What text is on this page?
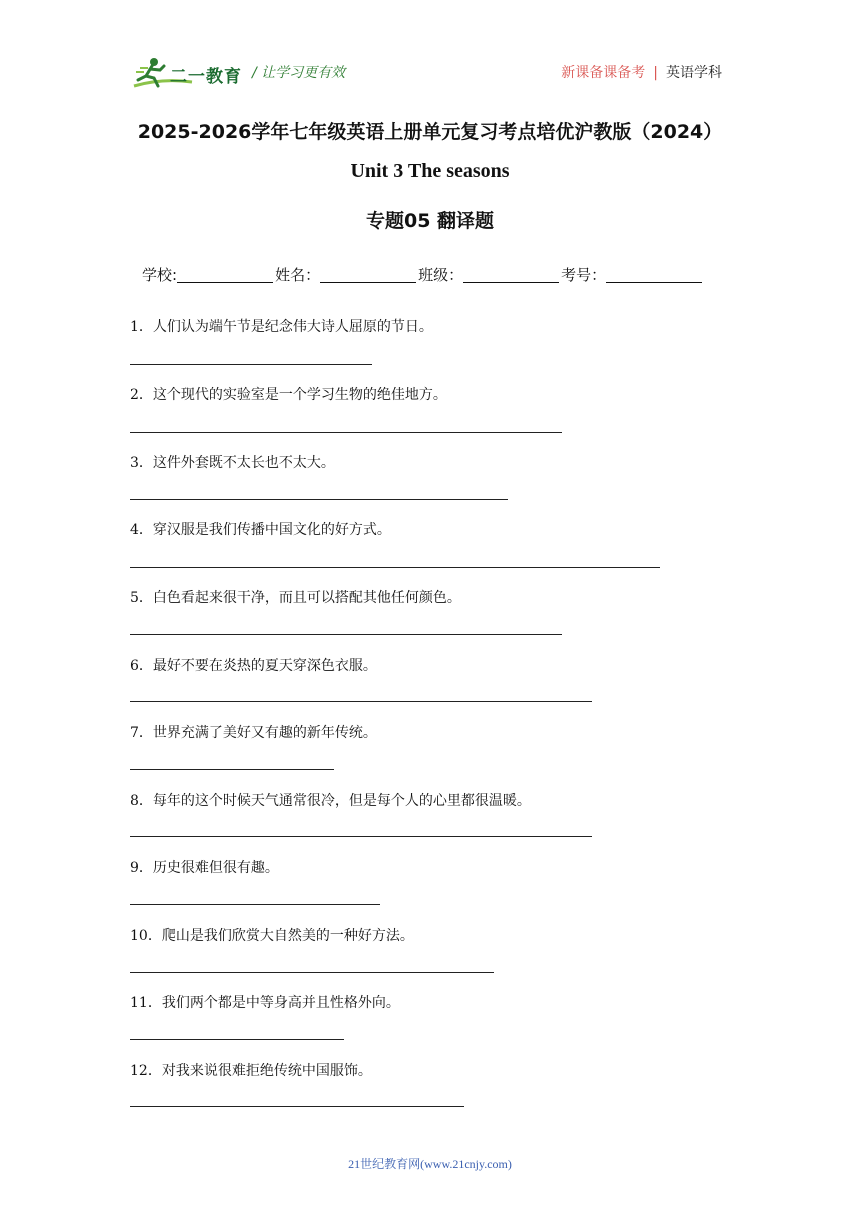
二一教育 / 让学习更有效	新课备课备考 | 英语学科
2025-2026学年七年级英语上册单元复习考点培优沪教版（2024）
Unit 3 The seasons
专题05 翻译题
学校:	姓名：	班级：	考号：
1．人们认为端午节是纪念伟大诗人屈原的节日。
2．这个现代的实验室是一个学习生物的绝佳地方。
3．这件外套既不太长也不太大。
4．穿汉服是我们传播中国文化的好方式。
5．白色看起来很干净，而且可以搭配其他任何颜色。
6．最好不要在炎热的夏天穿深色衣服。
7．世界充满了美好又有趣的新年传统。
8．每年的这个时候天气通常很冷，但是每个人的心里都很温暖。
9．历史很难但很有趣。
10．爬山是我们欣赏大自然美的一种好方法。
11．我们两个都是中等身高并且性格外向。
12．对我来说很难拒绝传统中国服饰。
21世纪教育网(www.21cnjy.com)
